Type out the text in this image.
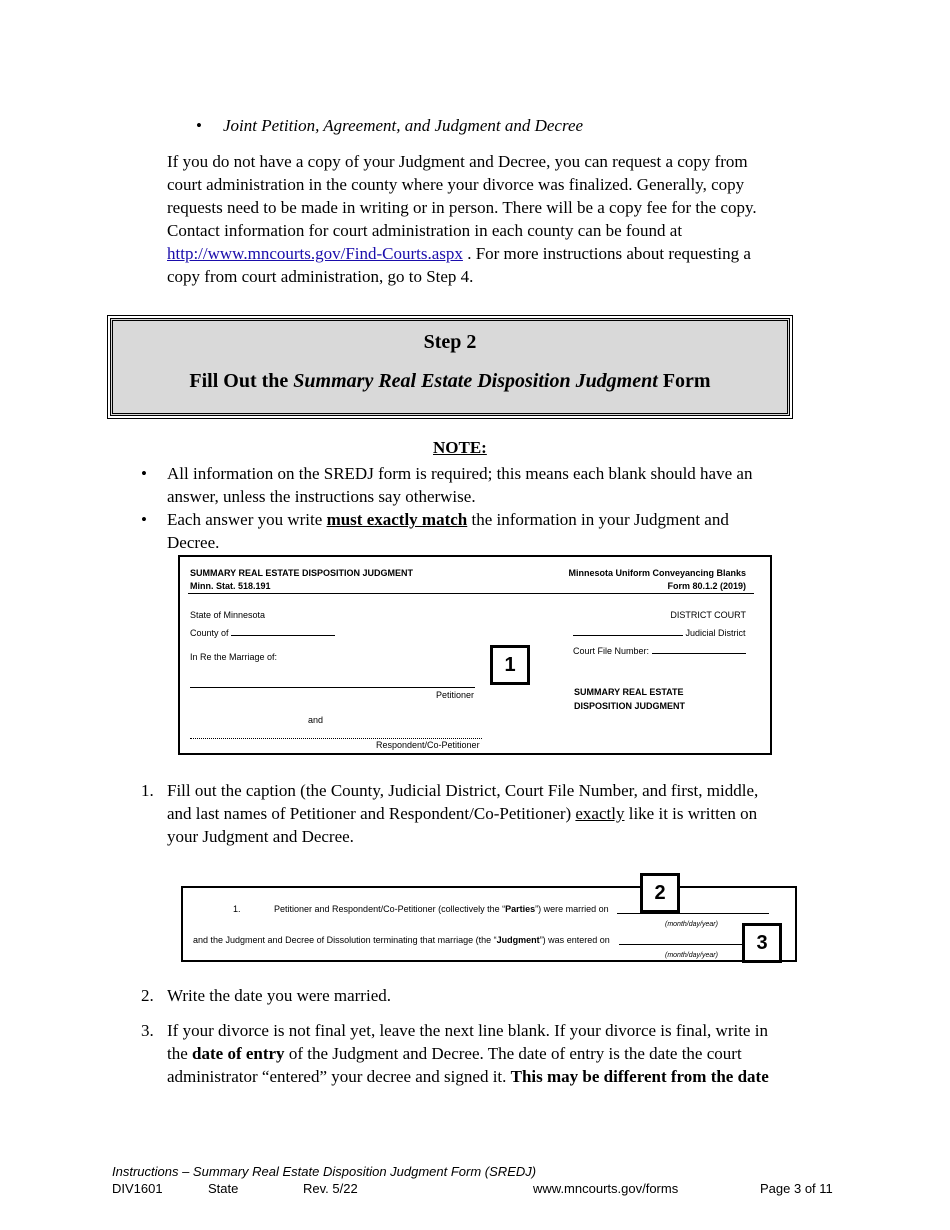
• Joint Petition, Agreement, and Judgment and Decree
If you do not have a copy of your Judgment and Decree, you can request a copy from
court administration in the county where your divorce was finalized. Generally, copy
requests need to be made in writing or in person. There will be a copy fee for the copy.
Contact information for court administration in each county can be found at
http://www.mncourts.gov/Find-Courts.aspx . For more instructions about requesting a
copy from court administration, go to Step 4.
Step 2
Fill Out the Summary Real Estate Disposition Judgment Form
NOTE:
• All information on the SREDJ form is required; this means each blank should have an
answer, unless the instructions say otherwise.
• Each answer you write must exactly match the information in your Judgment and
Decree.
SUMMARY REAL ESTATE DISPOSITION JUDGMENT
Minn. Stat. 518.191
Minnesota Uniform Conveyancing Blanks
Form 80.1.2 (2019)
State of Minnesota
County of
In Re the Marriage of:
Petitioner
and
Respondent/Co-Petitioner
DISTRICT COURT
Judicial District
Court File Number:
SUMMARY REAL ESTATE
DISPOSITION JUDGMENT
1
1. Fill out the caption (the County, Judicial District, Court File Number, and first, middle,
and last names of Petitioner and Respondent/Co-Petitioner) exactly like it is written on
your Judgment and Decree.
1.	Petitioner and Respondent/Co-Petitioner (collectively the “Parties”) were married on
(month/day/year)
and the Judgment and Decree of Dissolution terminating that marriage (the “Judgment”) was entered on
(month/day/year)
2
3
2. Write the date you were married.
3. If your divorce is not final yet, leave the next line blank. If your divorce is final, write in
the date of entry of the Judgment and Decree. The date of entry is the date the court
administrator “entered” your decree and signed it. This may be different from the date
Instructions – Summary Real Estate Disposition Judgment Form (SREDJ)
DIV1601	State	Rev. 5/22	www.mncourts.gov/forms	Page 3 of 11
